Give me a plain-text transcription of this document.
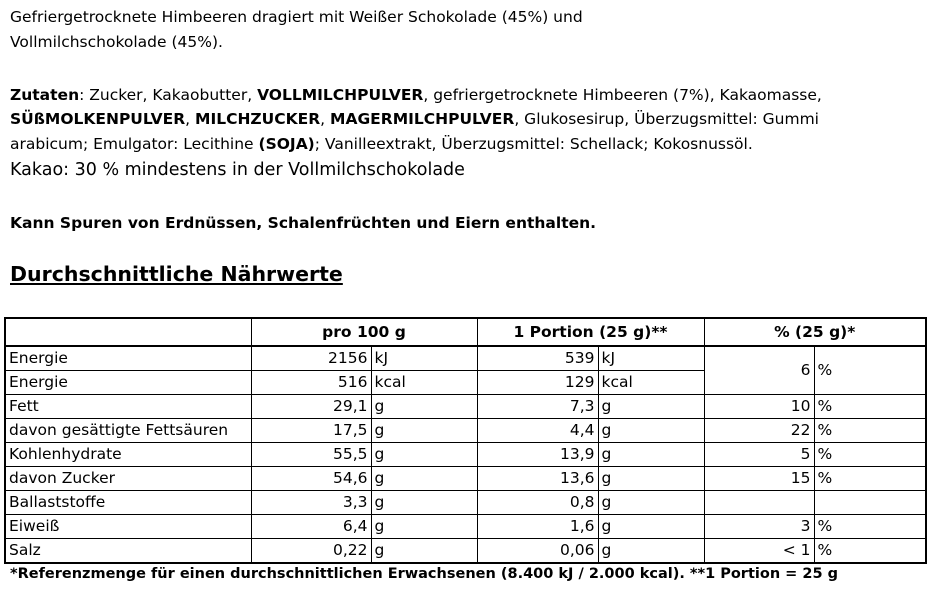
Gefriergetrocknete Himbeeren dragiert mit Weißer Schokolade (45%) und
Vollmilchschokolade (45%).
Zutaten: Zucker, Kakaobutter, VOLLMILCHPULVER, gefriergetrocknete Himbeeren (7%), Kakaomasse,
SÜßMOLKENPULVER, MILCHZUCKER, MAGERMILCHPULVER, Glukosesirup, Überzugsmittel: Gummi
arabicum; Emulgator: Lecithine (SOJA); Vanilleextrakt, Überzugsmittel: Schellack; Kokosnussöl.
Kakao: 30 % mindestens in der Vollmilchschokolade
Kann Spuren von Erdnüssen, Schalenfrüchten und Eiern enthalten.
Durchschnittliche Nährwerte
	pro 100 g		1 Portion (25 g)**		% (25 g)*	
Energie	2156	kJ	539	kJ	6	%
Energie	516	kcal	129	kcal		
Fett	29,1	g	7,3	g	10	%
davon gesättigte Fettsäuren	17,5	g	4,4	g	22	%
Kohlenhydrate	55,5	g	13,9	g	5	%
davon Zucker	54,6	g	13,6	g	15	%
Ballaststoffe	3,3	g	0,8	g		
Eiweiß	6,4	g	1,6	g	3	%
Salz	0,22	g	0,06	g	< 1	%
*Referenzmenge für einen durchschnittlichen Erwachsenen (8.400 kJ / 2.000 kcal). **1 Portion = 25 g
